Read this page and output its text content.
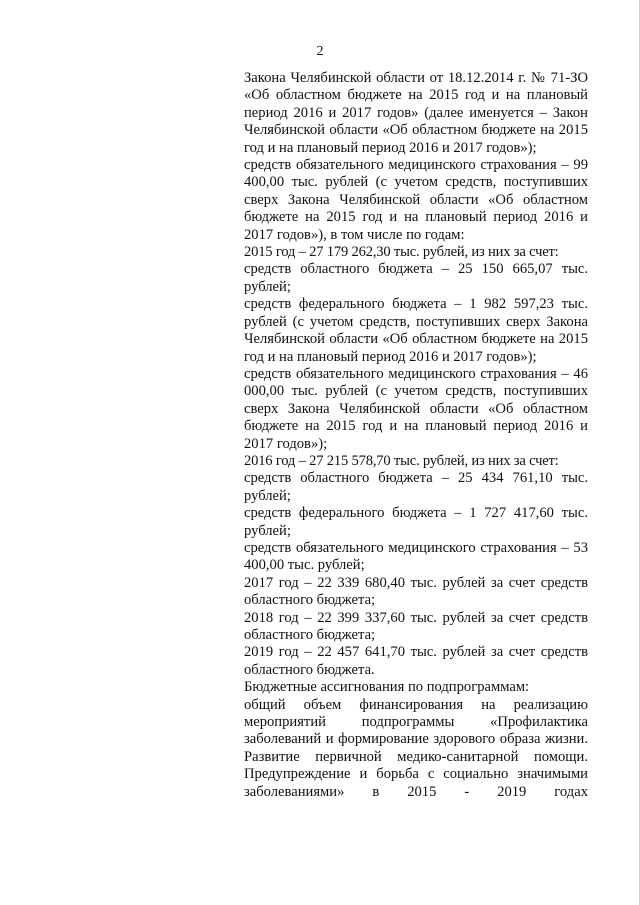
2

Закона Челябинской области от 18.12.2014 г. № 71-ЗО «Об областном бюджете на 2015 год и на плановый период 2016 и 2017 годов» (далее именуется – Закон Челябинской области «Об областном бюджете на 2015 год и на плановый период 2016 и 2017 годов»);

средств обязательного медицинского страхования – 99 400,00 тыс. рублей (с учетом средств, поступивших сверх Закона Челябинской области «Об областном бюджете на 2015 год и на плановый период 2016 и 2017 годов»), в том числе по годам:

2015 год – 27 179 262,30 тыс. рублей, из них за счет:

средств областного бюджета – 25 150 665,07 тыс. рублей;

средств федерального бюджета – 1 982 597,23 тыс. рублей (с учетом средств, поступивших сверх Закона Челябинской области «Об областном бюджете на 2015 год и на плановый период 2016 и 2017 годов»);

средств обязательного медицинского страхования – 46 000,00 тыс. рублей (с учетом средств, поступивших сверх Закона Челябинской области «Об областном бюджете на 2015 год и на плановый период 2016 и 2017 годов»);

2016 год – 27 215 578,70 тыс. рублей, из них за счет:

средств областного бюджета – 25 434 761,10 тыс. рублей;

средств федерального бюджета – 1 727 417,60 тыс. рублей;

средств обязательного медицинского страхования – 53 400,00 тыс. рублей;

2017 год – 22 339 680,40 тыс. рублей за счет средств областного бюджета;

2018 год – 22 399 337,60 тыс. рублей за счет средств областного бюджета;

2019 год – 22 457 641,70 тыс. рублей за счет средств областного бюджета.

Бюджетные ассигнования по подпрограммам:

общий объем финансирования на реализацию мероприятий подпрограммы «Профилактика заболеваний и формирование здорового образа жизни. Развитие первичной медико-санитарной помощи. Предупреждение и борьба с социально значимыми заболеваниями» в 2015 - 2019 годах
